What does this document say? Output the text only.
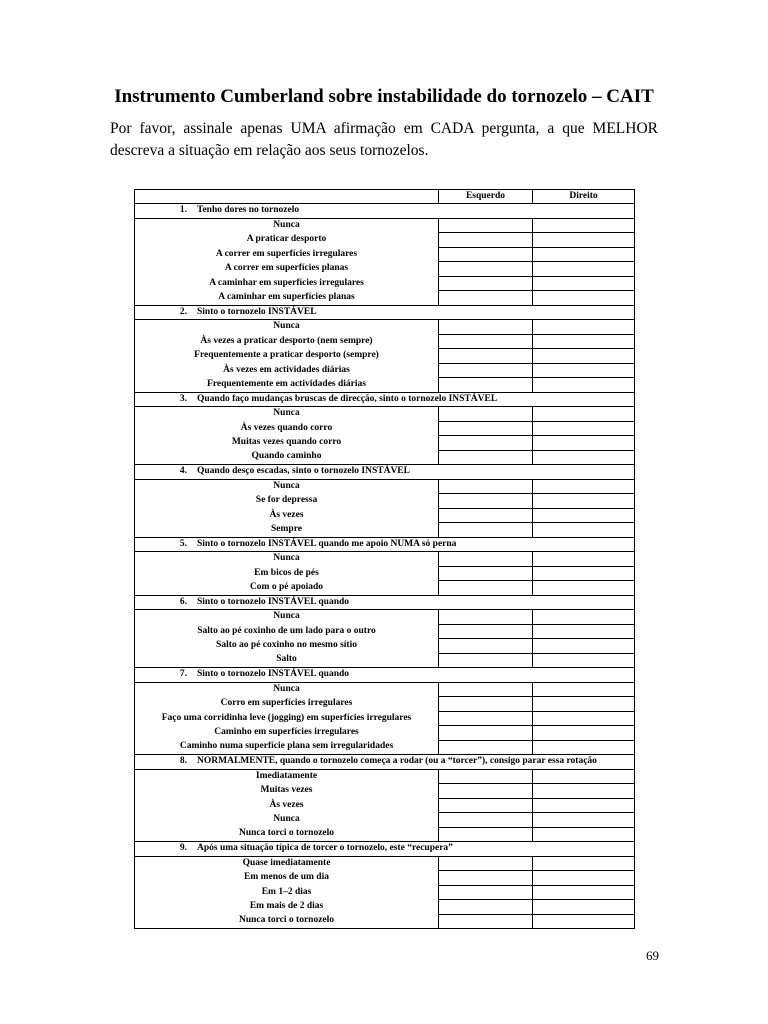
Instrumento Cumberland sobre instabilidade do tornozelo – CAIT

Por favor, assinale apenas UMA afirmação em CADA pergunta, a que MELHOR descreva a situação em relação aos seus tornozelos.

	Esquerdo	Direito
1. Tenho dores no tornozelo		
Nunca		
A praticar desporto		
A correr em superfícies irregulares		
A correr em superfícies planas		
A caminhar em superfícies irregulares		
A caminhar em superfícies planas		
2. Sinto o tornozelo INSTÁVEL		
Nunca		
Às vezes a praticar desporto (nem sempre)		
Frequentemente a praticar desporto (sempre)		
Às vezes em actividades diárias		
Frequentemente em actividades diárias		
3. Quando faço mudanças bruscas de direcção, sinto o tornozelo INSTÁVEL		
Nunca		
Às vezes quando corro		
Muitas vezes quando corro		
Quando caminho		
4. Quando desço escadas, sinto o tornozelo INSTÁVEL		
Nunca		
Se for depressa		
Às vezes		
Sempre		
5. Sinto o tornozelo INSTÁVEL quando me apoio NUMA só perna		
Nunca		
Em bicos de pés		
Com o pé apoiado		
6. Sinto o tornozelo INSTÁVEL quando		
Nunca		
Salto ao pé coxinho de um lado para o outro		
Salto ao pé coxinho no mesmo sítio		
Salto		
7. Sinto o tornozelo INSTÁVEL quando		
Nunca		
Corro em superfícies irregulares		
Faço uma corridinha leve (jogging) em superfícies irregulares		
Caminho em superfícies irregulares		
Caminho numa superfície plana sem irregularidades		
8. NORMALMENTE, quando o tornozelo começa a rodar (ou a “torcer”), consigo parar essa rotação		
Imediatamente		
Muitas vezes		
Às vezes		
Nunca		
Nunca torci o tornozelo		
9. Após uma situação típica de torcer o tornozelo, este “recupera”		
Quase imediatamente		
Em menos de um dia		
Em 1–2 dias		
Em mais de 2 dias		
Nunca torci o tornozelo		
69
